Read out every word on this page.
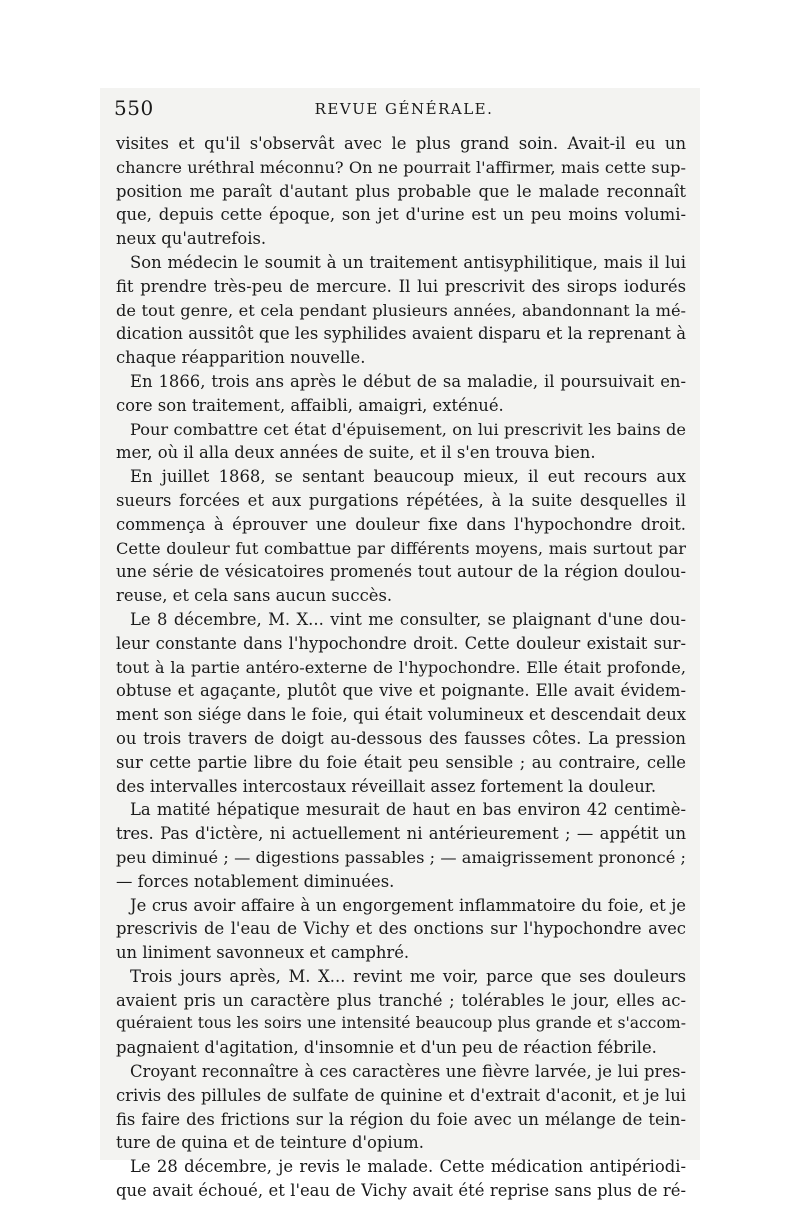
550	REVUE GÉNÉRALE.
visites et qu'il s'observât avec le plus grand soin. Avait-il eu un
chancre uréthral méconnu? On ne pourrait l'affirmer, mais cette sup-
position me paraît d'autant plus probable que le malade reconnaît
que, depuis cette époque, son jet d'urine est un peu moins volumi-
neux qu'autrefois.
Son médecin le soumit à un traitement antisyphilitique, mais il lui
fit prendre très-peu de mercure. Il lui prescrivit des sirops iodurés
de tout genre, et cela pendant plusieurs années, abandonnant la mé-
dication aussitôt que les syphilides avaient disparu et la reprenant à
chaque réapparition nouvelle.
En 1866, trois ans après le début de sa maladie, il poursuivait en-
core son traitement, affaibli, amaigri, exténué.
Pour combattre cet état d'épuisement, on lui prescrivit les bains de
mer, où il alla deux années de suite, et il s'en trouva bien.
En juillet 1868, se sentant beaucoup mieux, il eut recours aux
sueurs forcées et aux purgations répétées, à la suite desquelles il
commença à éprouver une douleur fixe dans l'hypochondre droit.
Cette douleur fut combattue par différents moyens, mais surtout par
une série de vésicatoires promenés tout autour de la région doulou-
reuse, et cela sans aucun succès.
Le 8 décembre, M. X... vint me consulter, se plaignant d'une dou-
leur constante dans l'hypochondre droit. Cette douleur existait sur-
tout à la partie antéro-externe de l'hypochondre. Elle était profonde,
obtuse et agaçante, plutôt que vive et poignante. Elle avait évidem-
ment son siége dans le foie, qui était volumineux et descendait deux
ou trois travers de doigt au-dessous des fausses côtes. La pression
sur cette partie libre du foie était peu sensible ; au contraire, celle
des intervalles intercostaux réveillait assez fortement la douleur.
La matité hépatique mesurait de haut en bas environ 42 centimè-
tres. Pas d'ictère, ni actuellement ni antérieurement ; — appétit un
peu diminué ; — digestions passables ; — amaigrissement prononcé ;
— forces notablement diminuées.
Je crus avoir affaire à un engorgement inflammatoire du foie, et je
prescrivis de l'eau de Vichy et des onctions sur l'hypochondre avec
un liniment savonneux et camphré.
Trois jours après, M. X... revint me voir, parce que ses douleurs
avaient pris un caractère plus tranché ; tolérables le jour, elles ac-
quéraient tous les soirs une intensité beaucoup plus grande et s'accom-
pagnaient d'agitation, d'insomnie et d'un peu de réaction fébrile.
Croyant reconnaître à ces caractères une fièvre larvée, je lui pres-
crivis des pillules de sulfate de quinine et d'extrait d'aconit, et je lui
fis faire des frictions sur la région du foie avec un mélange de tein-
ture de quina et de teinture d'opium.
Le 28 décembre, je revis le malade. Cette médication antipériodi-
que avait échoué, et l'eau de Vichy avait été reprise sans plus de ré-
